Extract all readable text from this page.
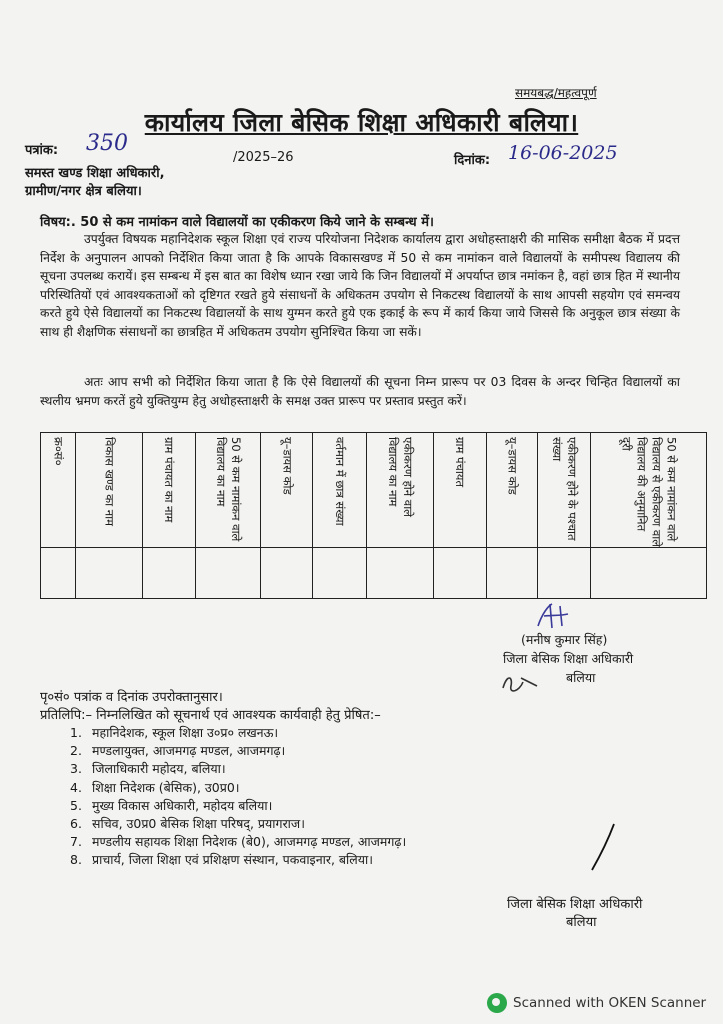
समयबद्ध/महत्वपूर्ण
कार्यालय जिला बेसिक शिक्षा अधिकारी बलिया।
पत्रांक: 350
/2025–26	दिनांक: 16-06-2025
समस्त खण्ड शिक्षा अधिकारी,
ग्रामीण/नगर क्षेत्र बलिया।
विषय:. 50 से कम नामांकन वाले विद्यालयों का एकीकरण किये जाने के सम्बन्ध में।

उपर्युक्त विषयक महानिदेशक स्कूल शिक्षा एवं राज्य परियोजना निदेशक कार्यालय द्वारा अधोहस्ताक्षरी की मासिक समीक्षा बैठक में प्रदत्त निर्देश के अनुपालन आपको निर्देशित किया जाता है कि आपके विकासखण्ड में 50 से कम नामांकन वाले विद्यालयों के समीपस्थ विद्यालय की सूचना उपलब्ध करायें। इस सम्बन्ध में इस बात का विशेष ध्यान रखा जाये कि जिन विद्यालयों में अपर्याप्त छात्र नमांकन है, वहां छात्र हित में स्थानीय परिस्थितियों एवं आवश्यकताओं को दृष्टिगत रखते हुये संसाधनों के अधिकतम उपयोग से निकटस्थ विद्यालयों के साथ आपसी सहयोग एवं समन्वय करते हुये ऐसे विद्यालयों का निकटस्थ विद्यालयों के साथ युग्मन करते हुये एक इकाई के रूप में कार्य किया जाये जिससे कि अनुकूल छात्र संख्या के साथ ही शैक्षणिक संसाधनों का छात्रहित में अधिकतम उपयोग सुनिश्चित किया जा सकें।

अतः आप सभी को निर्देशित किया जाता है कि ऐसे विद्यालयों की सूचना निम्न प्रारूप पर 03 दिवस के अन्दर चिन्हित विद्यालयों का स्थलीय भ्रमण करतें हुये युक्तियुग्म हेतु अधोहस्ताक्षरी के समक्ष उक्त प्रारूप पर प्रस्ताव प्रस्तुत करें।

क्र०सं०	विकास खण्ड का नाम	ग्राम पंचायत का नाम	50 से कम नामांकन वाले विद्यालय का नाम	यू–डायस कोड	वर्तमान में छात्र संख्या	एकीकरण होने वाले विद्यालय का नाम	ग्राम पंचायत	यू–डायस कोड	एकीकरण होने के पश्चात संख्या	50 से कम नामांकन वाले विद्यालय से एकीकरण वाले विद्यालय की अनुमानित दूरी

(मनीष कुमार सिंह)
जिला बेसिक शिक्षा अधिकारी
बलिया
पृ०सं० पत्रांक व दिनांक उपरोक्तानुसार।
प्रतिलिपि:– निम्नलिखित को सूचनार्थ एवं आवश्यक कार्यवाही हेतु प्रेषित:–
1. महानिदेशक, स्कूल शिक्षा उ०प्र० लखनऊ।
2. मण्डलायुक्त, आजमगढ़ मण्डल, आजमगढ़।
3. जिलाधिकारी महोदय, बलिया।
4. शिक्षा निदेशक (बेसिक), उ0प्र0।
5. मुख्य विकास अधिकारी, महोदय बलिया।
6. सचिव, उ0प्र0 बेसिक शिक्षा परिषद्, प्रयागराज।
7. मण्डलीय सहायक शिक्षा निदेशक (बे0), आजमगढ़ मण्डल, आजमगढ़।
8. प्राचार्य, जिला शिक्षा एवं प्रशिक्षण संस्थान, पकवाइनार, बलिया।
जिला बेसिक शिक्षा अधिकारी
बलिया
Scanned with OKEN Scanner
